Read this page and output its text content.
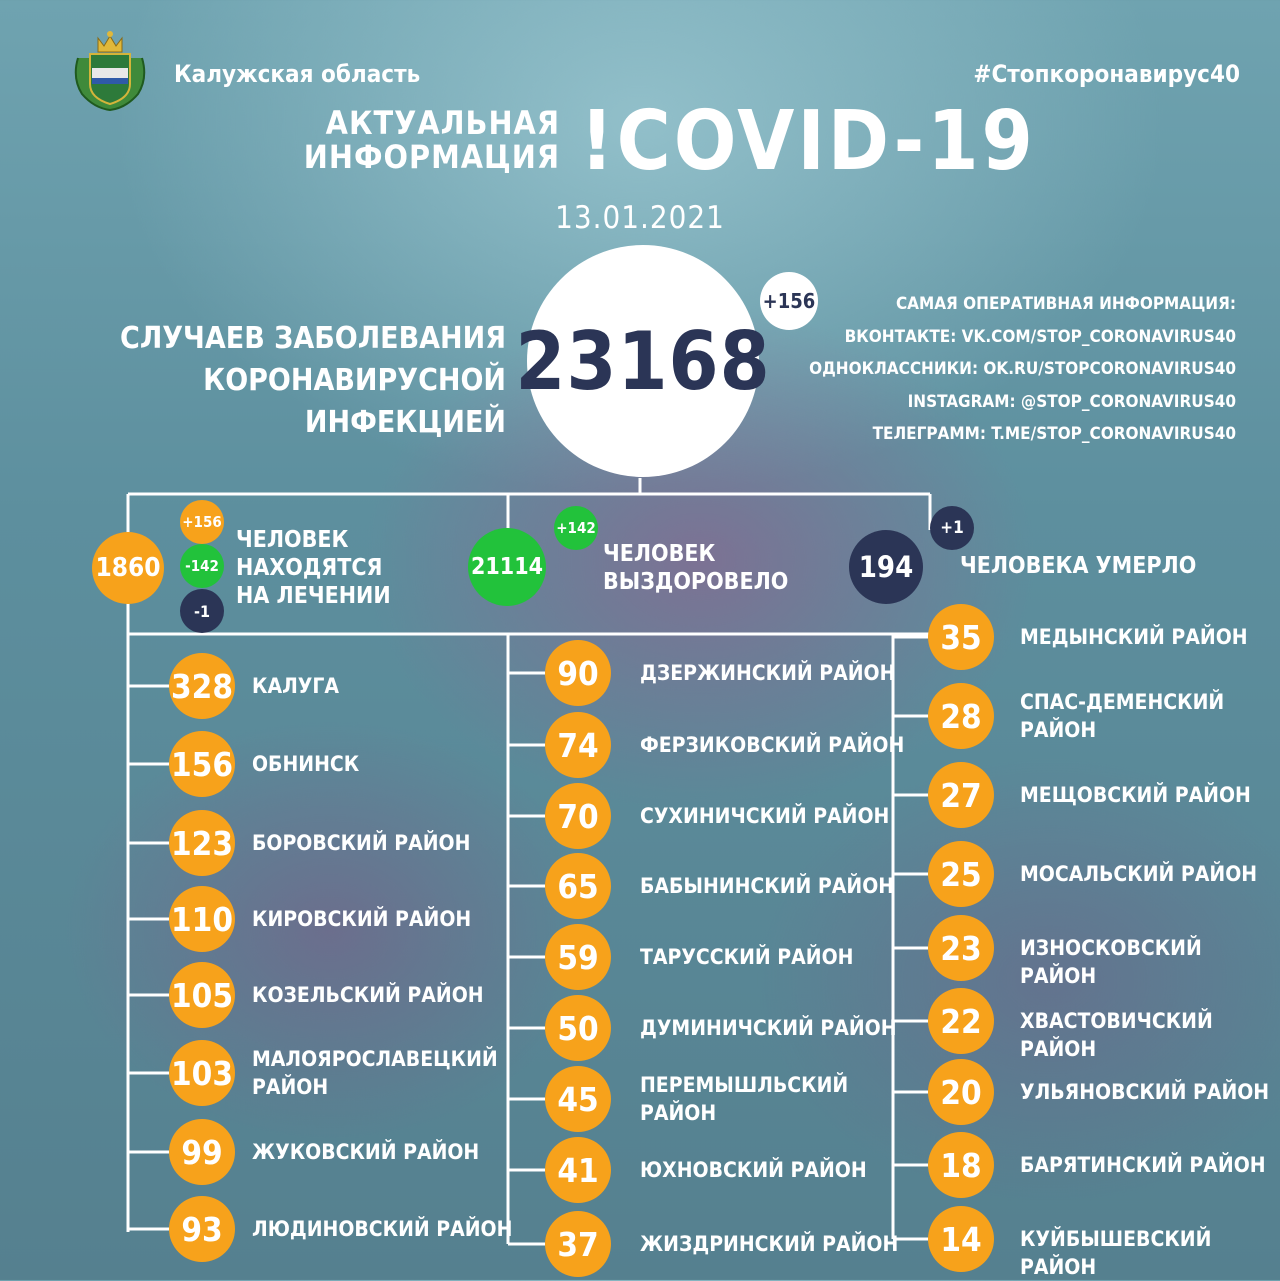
Калужская область	#Стопкоронавирус40
АКТУАЛЬНАЯ
ИНФОРМАЦИЯ !COVID-19
13.01.2021
СЛУЧАЕВ ЗАБОЛЕВАНИЯ
КОРОНАВИРУСНОЙ ИНФЕКЦИЕЙ
23168
+156	САМАЯ ОПЕРАТИВНАЯ ИНФОРМАЦИЯ:
ВКОНТАКТЕ: VK.COM/STOP_CORONAVIRUS40
ОДНОКЛАССНИКИ: OK.RU/STOPCORONAVIRUS40
INSTAGRAM: @STOP_CORONAVIRUS40
ТЕЛЕГРАММ: T.ME/STOP_CORONAVIRUS40
1860
+156
-142
-1
ЧЕЛОВЕК
НАХОДЯТСЯ
НА ЛЕЧЕНИИ
21114
+142
ЧЕЛОВЕК
ВЫЗДОРОВЕЛО	194
+1
ЧЕЛОВЕКА УМЕРЛО
328 КАЛУГА
156 ОБНИНСК
123 БОРОВСКИЙ РАЙОН
110 КИРОВСКИЙ РАЙОН
105 КОЗЕЛЬСКИЙ РАЙОН
103 МАЛОЯРОСЛАВЕЦКИЙ
РАЙОН
99	ЖУКОВСКИЙ РАЙОН
93	ЛЮДИНОВСКИЙ РАЙОН
90	ДЗЕРЖИНСКИЙ РАЙОН
74	ФЕРЗИКОВСКИЙ РАЙОН
70	СУХИНИЧСКИЙ РАЙОН
65	БАБЫНИНСКИЙ РАЙОН
59	ТАРУССКИЙ РАЙОН
50	ДУМИНИЧСКИЙ РАЙОН
45	ПЕРЕМЫШЛЬСКИЙ
РАЙОН
41	ЮХНОВСКИЙ РАЙОН
37	ЖИЗДРИНСКИЙ РАЙОН
35	МЕДЫНСКИЙ РАЙОН
28	СПАС-ДЕМЕНСКИЙ
РАЙОН
27	МЕЩОВСКИЙ РАЙОН
25	МОСАЛЬСКИЙ РАЙОН
23	ИЗНОСКОВСКИЙ РАЙОН
22	ХВАСТОВИЧСКИЙ РАЙОН
20	УЛЬЯНОВСКИЙ РАЙОН
18	БАРЯТИНСКИЙ РАЙОН
14	КУЙБЫШЕВСКИЙ РАЙОН
